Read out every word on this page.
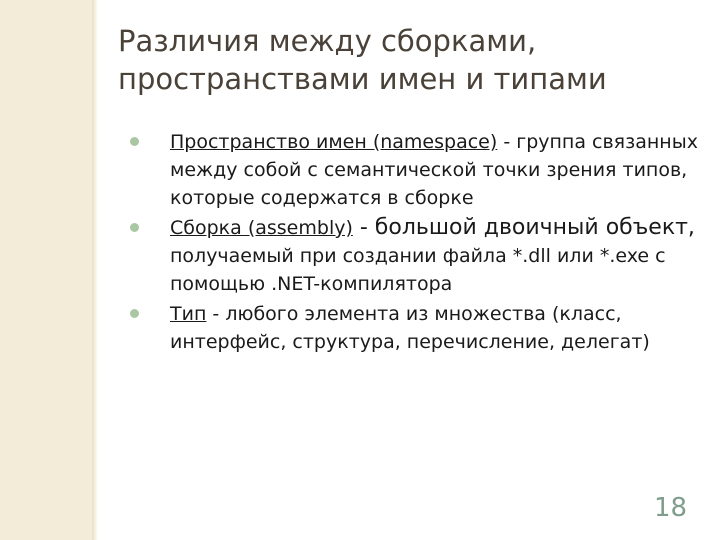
Различия между сборками,
пространствами имен и типами
Пространство имен (namespace) - группа связанных между собой с семантической точки зрения типов, которые содержатся в сборке
Сборка (assembly) - большой двоичный объект, получаемый при создании файла *.dll или *.exe с помощью .NET-компилятора
Тип - любого элемента из множества (класс, интерфейс, структура, перечисление, делегат)
18
